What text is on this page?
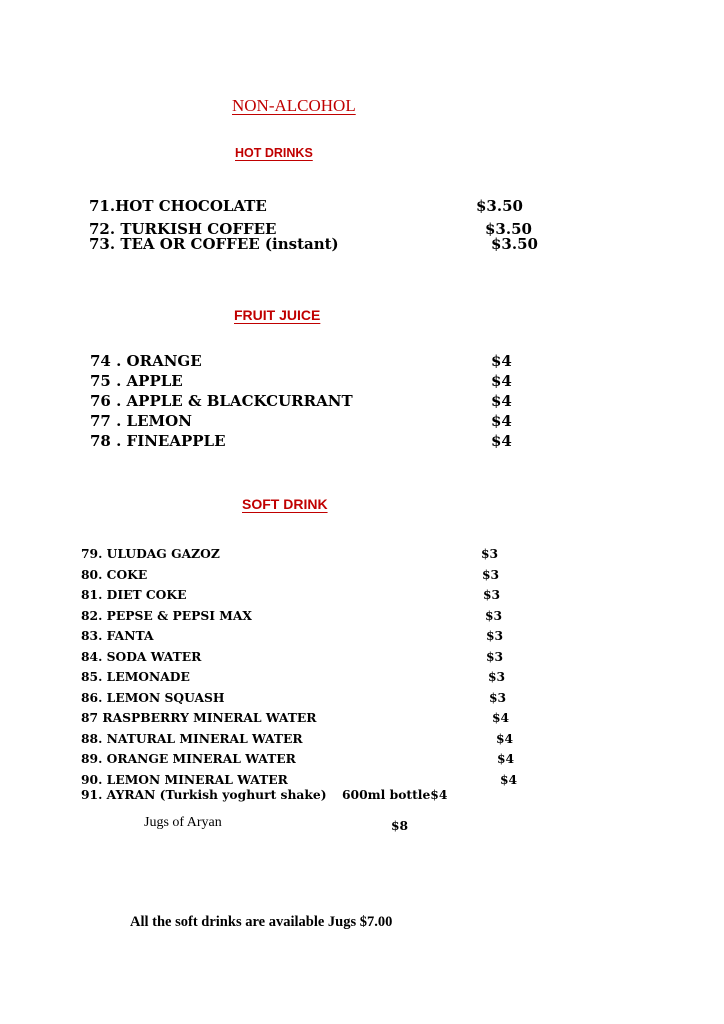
NON-ALCOHOL
HOT DRINKS
71.HOT CHOCOLATE	$3.50
72. TURKISH COFFEE	$3.50
73. TEA OR COFFEE (instant)	$3.50
FRUIT JUICE
74 . ORANGE	$4
75 . APPLE	$4
76 . APPLE & BLACKCURRANT	$4
77 . LEMON	$4
78 . FINEAPPLE	$4
SOFT DRINK
79. ULUDAG GAZOZ	$3
80. COKE	$3
81. DIET COKE	$3
82. PEPSE & PEPSI MAX	$3
83. FANTA	$3
84. SODA WATER	$3
85. LEMONADE	$3
86. LEMON SQUASH	$3
87 RASPBERRY MINERAL WATER	$4
88. NATURAL MINERAL WATER	$4
89. ORANGE MINERAL WATER	$4
90. LEMON MINERAL WATER	$4
91. AYRAN (Turkish yoghurt shake) 600ml bottle$4
Jugs of Aryan	$8
All the soft drinks are available Jugs $7.00
